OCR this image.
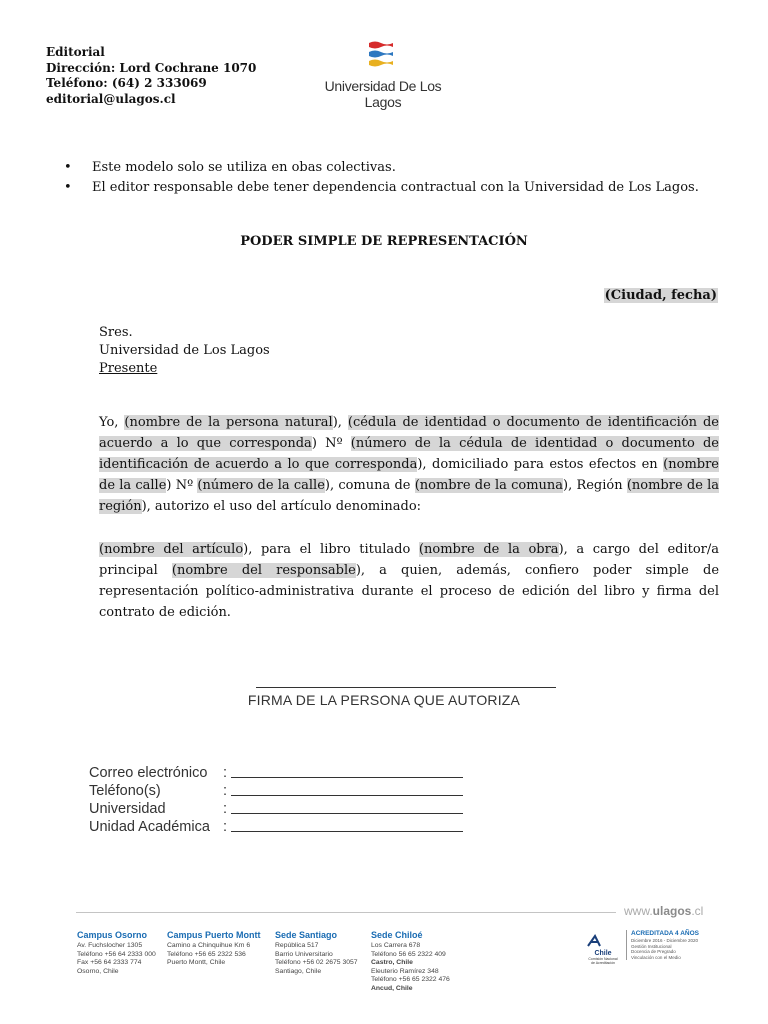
Editorial
Dirección: Lord Cochrane 1070
Teléfono: (64) 2 333069
editorial@ulagos.cl
Universidad De Los Lagos
•	Este modelo solo se utiliza en obas colectivas.
•	El editor responsable debe tener dependencia contractual con la Universidad de Los Lagos.
PODER SIMPLE DE REPRESENTACIÓN
(Ciudad, fecha)
Sres.
Universidad de Los Lagos
Presente
Yo, (nombre de la persona natural), (cédula de identidad o documento de identificación de acuerdo a lo que corresponda) Nº (número de la cédula de identidad o documento de identificación de acuerdo a lo que corresponda), domiciliado para estos efectos en (nombre de la calle) Nº (número de la calle), comuna de (nombre de la comuna), Región (nombre de la región), autorizo el uso del artículo denominado:
(nombre del artículo), para el libro titulado (nombre de la obra), a cargo del editor/a principal (nombre del responsable), a quien, además, confiero poder simple de representación político-administrativa durante el proceso de edición del libro y firma del contrato de edición.
FIRMA DE LA PERSONA QUE AUTORIZA
Correo electrónico	:
Teléfono(s)	:
Universidad	:
Unidad Académica :
www.ulagos.cl
Campus Osorno
Av. Fuchslocher 1305
Teléfono +56 64 2333 000
Fax +56 64 2333 774
Osorno, Chile
Campus Puerto Montt
Camino a Chinquihue Km 6
Teléfono +56 65 2322 536
Puerto Montt, Chile
Sede Santiago
República 517
Barrio Universitario
Teléfono +56 02 2675 3057
Santiago, Chile
Sede Chiloé
Los Carrera 678
Teléfono 56 65 2322 409
Castro, Chile
Eleuterio Ramírez 348
Teléfono +56 65 2322 476
Ancud, Chile
Chile
Comisión Nacional de Acreditación
ACREDITADA 4 AÑOS
Diciembre 2016 - Diciembre 2020
Gestión Institucional
Docencia de Pregrado
Vinculación con el Medio
